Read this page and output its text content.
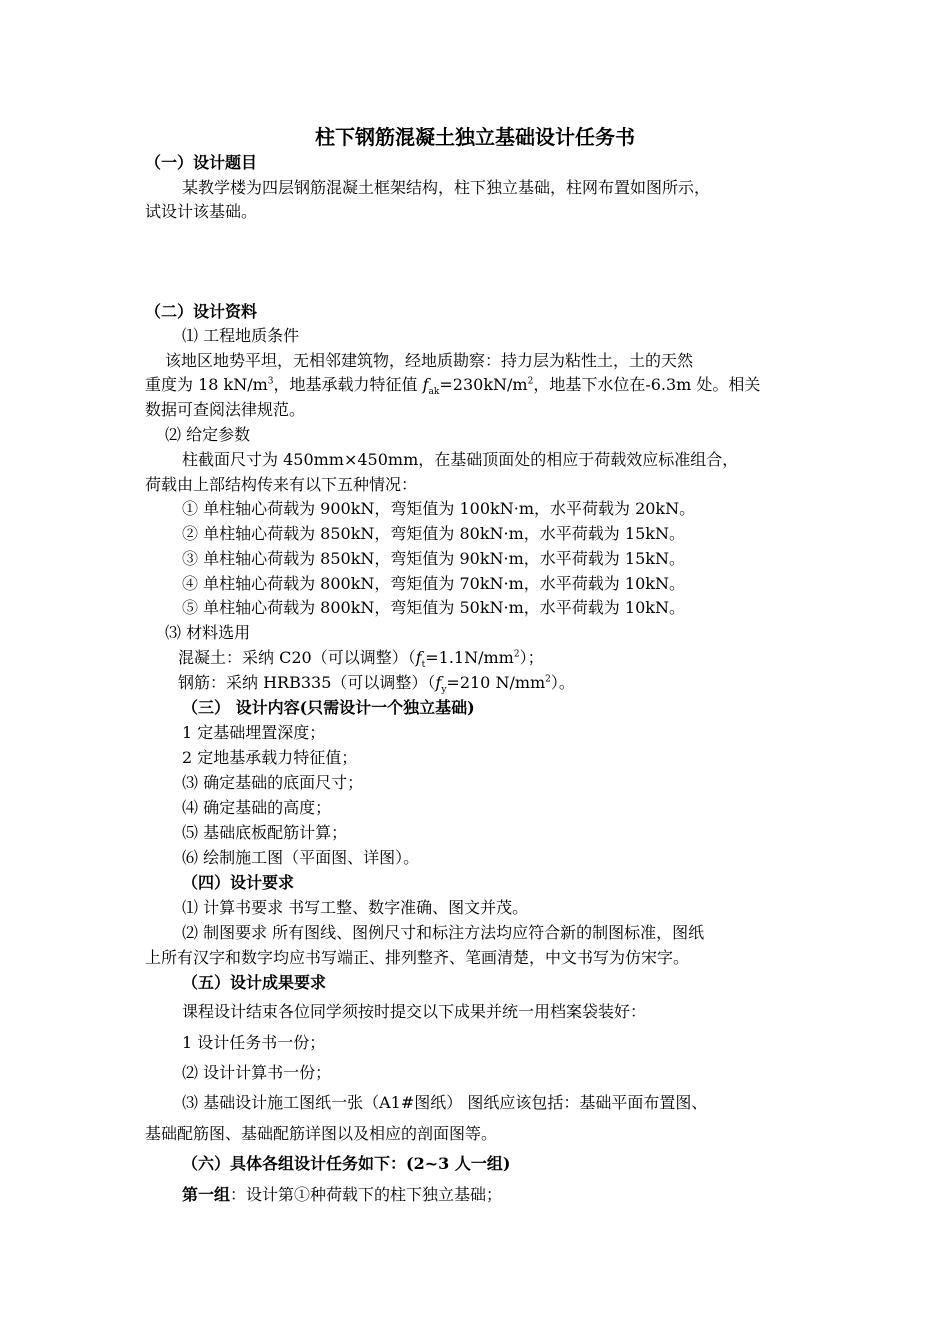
柱下钢筋混凝土独立基础设计任务书
（一）设计题目
某教学楼为四层钢筋混凝土框架结构，柱下独立基础，柱网布置如图所示，
试设计该基础。
（二）设计资料
⑴ 工程地质条件
该地区地势平坦，无相邻建筑物，经地质勘察：持力层为粘性土，土的天然
重度为 18 $kN/m^3$，地基承载力特征值 $f_{ak}=230kN/m^2$，地基下水位在-6.3m 处。相关
数据可查阅法律规范。
⑵ 给定参数
柱截面尺寸为 450mm×450mm，在基础顶面处的相应于荷载效应标准组合，
荷载由上部结构传来有以下五种情况：
① 单柱轴心荷载为 900kN，弯矩值为 100kN·m，水平荷载为 20kN。
② 单柱轴心荷载为 850kN，弯矩值为 80kN·m，水平荷载为 15kN。
③ 单柱轴心荷载为 850kN，弯矩值为 90kN·m，水平荷载为 15kN。
④ 单柱轴心荷载为 800kN，弯矩值为 70kN·m，水平荷载为 10kN。
⑤ 单柱轴心荷载为 800kN，弯矩值为 50kN·m，水平荷载为 10kN。
⑶ 材料选用
混凝土：采纳 C20（可以调整）$(f_t=1.1N/mm^2)$；
钢筋：采纳 HRB335（可以调整）（$f_y=210$ $N/mm^2$）。
（三） 设计内容(只需设计一个独立基础)
1 定基础埋置深度；
2 定地基承载力特征值；
⑶ 确定基础的底面尺寸；
⑷ 确定基础的高度；
⑸ 基础底板配筋计算；
⑹ 绘制施工图（平面图、详图）。
（四）设计要求
⑴ 计算书要求 书写工整、数字准确、图文并茂。
⑵ 制图要求 所有图线、图例尺寸和标注方法均应符合新的制图标准，图纸
上所有汉字和数字均应书写端正、排列整齐、笔画清楚，中文书写为仿宋字。
（五）设计成果要求
课程设计结束各位同学须按时提交以下成果并统一用档案袋装好：
1 设计任务书一份；
⑵ 设计计算书一份；
⑶ 基础设计施工图纸一张（A1#图纸） 图纸应该包括：基础平面布置图、
基础配筋图、基础配筋详图以及相应的剖面图等。
（六）具体各组设计任务如下：(2~3 人一组)
第一组：设计第①种荷载下的柱下独立基础；
